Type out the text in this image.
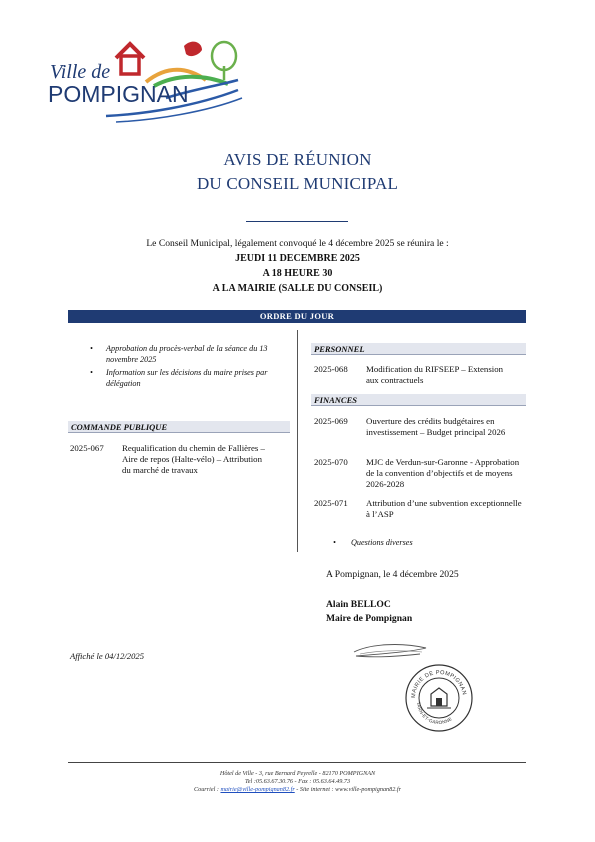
Ville de
POMPIGNAN
AVIS DE RÉUNION
DU CONSEIL MUNICIPAL
Le Conseil Municipal, légalement convoqué le 4 décembre 2025 se réunira le :
JEUDI 11 DECEMBRE 2025
A 18 HEURE 30
A LA MAIRIE (SALLE DU CONSEIL)
ORDRE DU JOUR
• Approbation du procès-verbal de la séance du 13 novembre 2025
• Information sur les décisions du maire prises par délégation
COMMANDE PUBLIQUE
2025-067	Requalification du chemin de Fallières – Aire de repos (Halte-vélo) – Attribution du marché de travaux
PERSONNEL
2025-068	Modification du RIFSEEP – Extension aux contractuels
FINANCES
2025-069	Ouverture des crédits budgétaires en investissement – Budget principal 2026
2025-070	MJC de Verdun-sur-Garonne - Approbation de la convention d’objectifs et de moyens 2026-2028
2025-071	Attribution d’une subvention exceptionnelle à l’ASP
• Questions diverses
A Pompignan, le 4 décembre 2025
Alain BELLOC
Maire de Pompignan
MAIRIE DE POMPIGNAN
TARN-ET-GARONNE
Affiché le 04/12/2025
Hôtel de Ville - 3, rue Bernard Peyrelle - 82170 POMPIGNAN
Tel :05.63.67.30.76 - Fax : 05.63.64.49.73
Courriel : mairie@ville-pompignan82.fr - Site internet : www.ville-pompignan82.fr
